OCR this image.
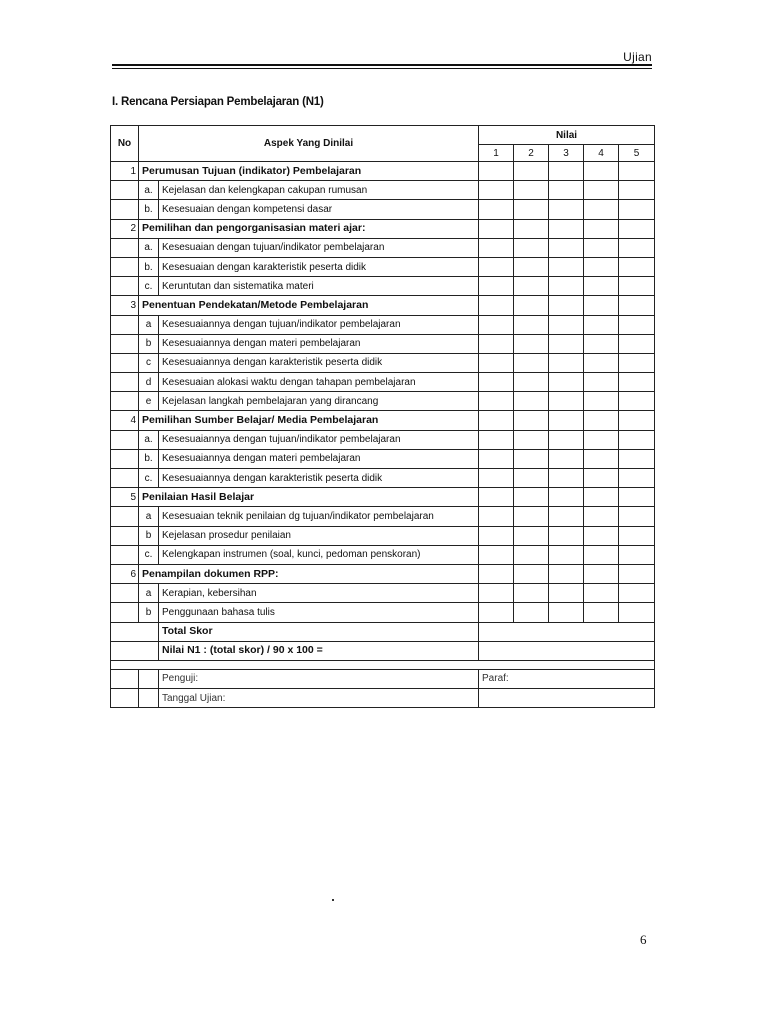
Ujian
I. Rencana Persiapan Pembelajaran (N1)
No	Aspek Yang Dinilai		Nilai				
			1	2	3	4	5
1	Perumusan Tujuan (indikator) Pembelajaran						
	a.	Kejelasan dan kelengkapan cakupan rumusan					
	b.	Kesesuaian dengan kompetensi dasar					
2	Pemilihan dan pengorganisasian materi ajar:						
	a.	Kesesuaian dengan tujuan/indikator pembelajaran					
	b.	Kesesuaian dengan karakteristik peserta didik					
	c.	Keruntutan dan sistematika materi					
3	Penentuan Pendekatan/Metode Pembelajaran						
	a	Kesesuaiannya dengan tujuan/indikator pembelajaran					
	b	Kesesuaiannya dengan materi pembelajaran					
	c	Kesesuaiannya dengan karakteristik peserta didik					
	d	Kesesuaian alokasi waktu dengan tahapan pembelajaran					
	e	Kejelasan langkah pembelajaran yang dirancang					
4	Pemilihan Sumber Belajar/ Media Pembelajaran						
	a.	Kesesuaiannya dengan tujuan/indikator pembelajaran					
	b.	Kesesuaiannya dengan materi pembelajaran					
	c.	Kesesuaiannya dengan karakteristik peserta didik					
5	Penilaian Hasil Belajar						
	a	Kesesuaian teknik penilaian dg tujuan/indikator pembelajaran					
	b	Kejelasan prosedur penilaian					
	c.	Kelengkapan instrumen (soal, kunci, pedoman penskoran)					
6	Penampilan dokumen RPP:						
	a	Kerapian, kebersihan					
	b	Penggunaan bahasa tulis					
		Total Skor					
		Nilai N1 : (total skor) / 90 x 100 =					

		Penguji:	Paraf:				
		Tanggal Ujian:					
6
